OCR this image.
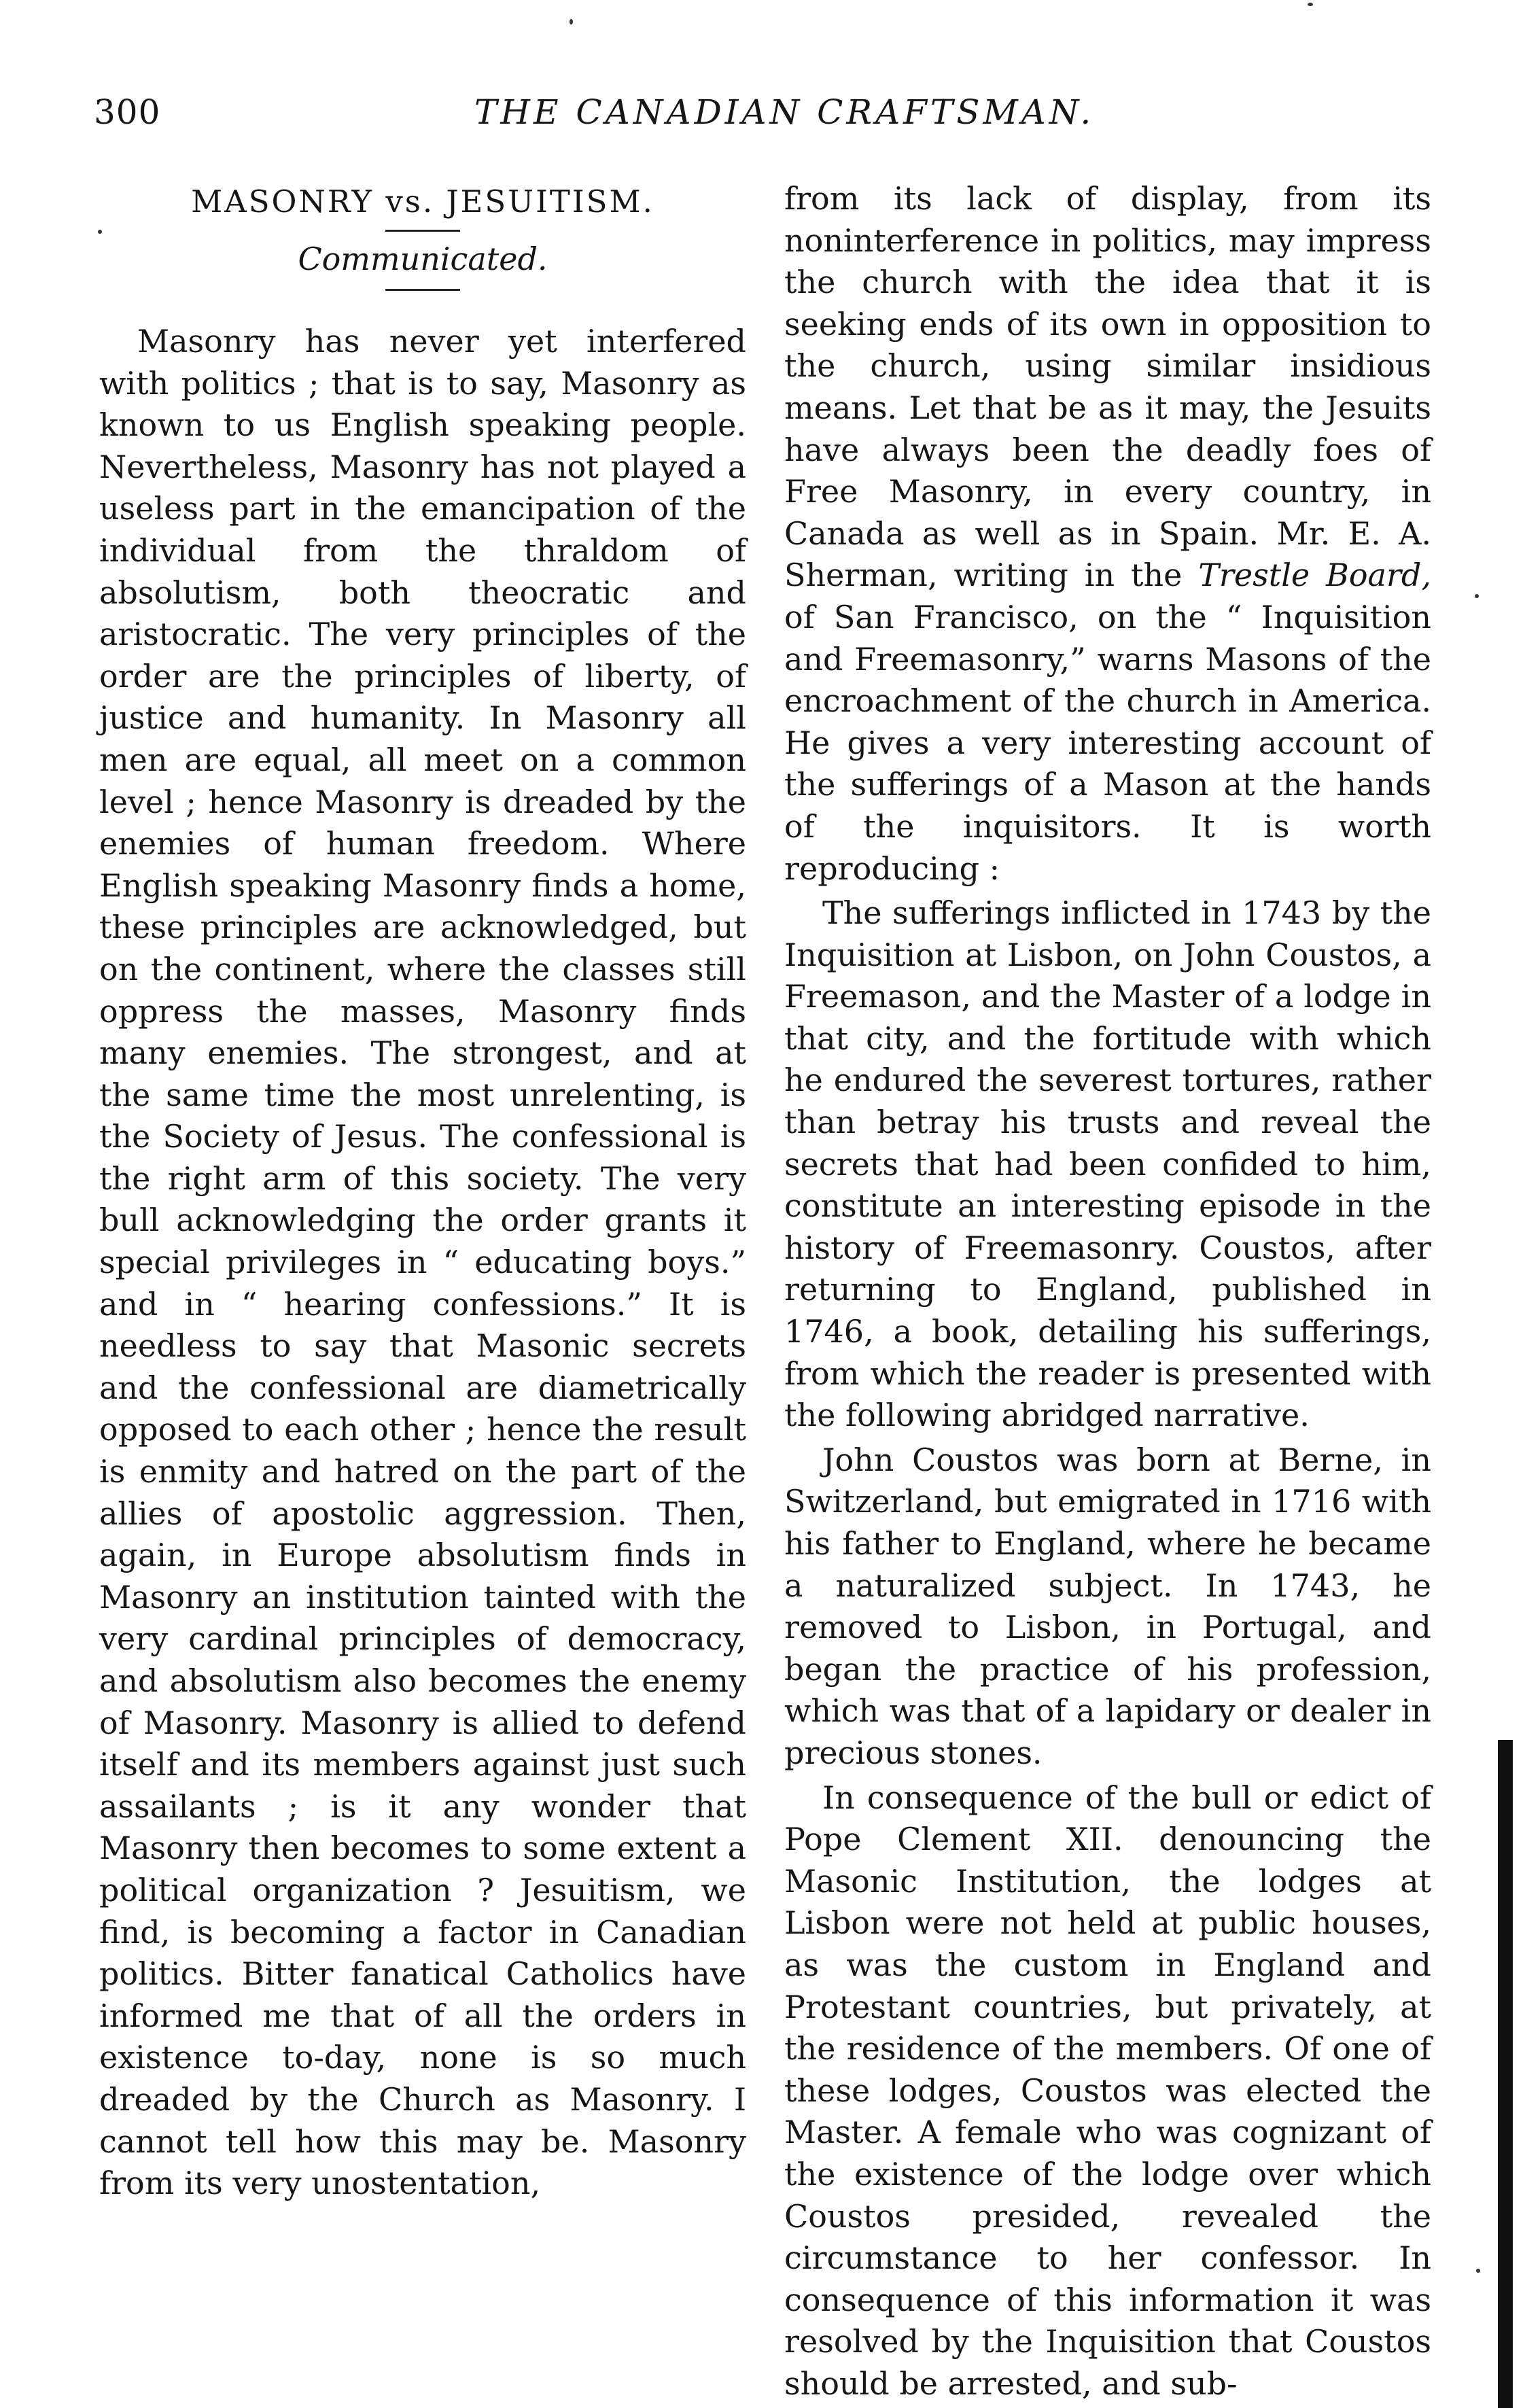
300	THE CANADIAN CRAFTSMAN.
MASONRY vs. JESUITISM.
Communicated.

Masonry has never yet interfered with politics ; that is to say, Masonry as known to us English speaking people. Nevertheless, Masonry has not played a useless part in the emancipation of the individual from the thraldom of absolutism, both theocratic and aristocratic. The very principles of the order are the principles of liberty, of justice and humanity. In Masonry all men are equal, all meet on a common level ; hence Masonry is dreaded by the enemies of human freedom. Where English speaking Masonry finds a home, these principles are acknowledged, but on the continent, where the classes still oppress the masses, Masonry finds many enemies. The strongest, and at the same time the most unrelenting, is the Society of Jesus. The confessional is the right arm of this society. The very bull acknowledging the order grants it special privileges in “ educating boys.” and in “ hearing confessions.” It is needless to say that Masonic secrets and the confessional are diametrically opposed to each other ; hence the result is enmity and hatred on the part of the allies of apostolic aggression. Then, again, in Europe absolutism finds in Masonry an institution tainted with the very cardinal principles of democracy, and absolutism also becomes the enemy of Masonry. Masonry is allied to defend itself and its members against just such assailants ; is it any wonder that Masonry then becomes to some extent a political organization ? Jesuitism, we find, is becoming a factor in Canadian politics. Bitter fanatical Catholics have informed me that of all the orders in existence to-day, none is so much dreaded by the Church as Masonry. I cannot tell how this may be. Masonry from its very unostentation,

from its lack of display, from its noninterference in politics, may impress the church with the idea that it is seeking ends of its own in opposition to the church, using similar insidious means. Let that be as it may, the Jesuits have always been the deadly foes of Free Masonry, in every country, in Canada as well as in Spain. Mr. E. A. Sherman, writing in the Trestle Board, of San Francisco, on the “ Inquisition and Freemasonry,” warns Masons of the encroachment of the church in America. He gives a very interesting account of the sufferings of a Mason at the hands of the inquisitors. It is worth reproducing :

The sufferings inflicted in 1743 by the Inquisition at Lisbon, on John Coustos, a Freemason, and the Master of a lodge in that city, and the fortitude with which he endured the severest tortures, rather than betray his trusts and reveal the secrets that had been confided to him, constitute an interesting episode in the history of Freemasonry. Coustos, after returning to England, published in 1746, a book, detailing his sufferings, from which the reader is presented with the following abridged narrative.

John Coustos was born at Berne, in Switzerland, but emigrated in 1716 with his father to England, where he became a naturalized subject. In 1743, he removed to Lisbon, in Portugal, and began the practice of his profession, which was that of a lapidary or dealer in precious stones.

In consequence of the bull or edict of Pope Clement XII. denouncing the Masonic Institution, the lodges at Lisbon were not held at public houses, as was the custom in England and Protestant countries, but privately, at the residence of the members. Of one of these lodges, Coustos was elected the Master. A female who was cognizant of the existence of the lodge over which Coustos presided, revealed the circumstance to her confessor. In consequence of this information it was resolved by the Inquisition that Coustos should be arrested, and sub-
